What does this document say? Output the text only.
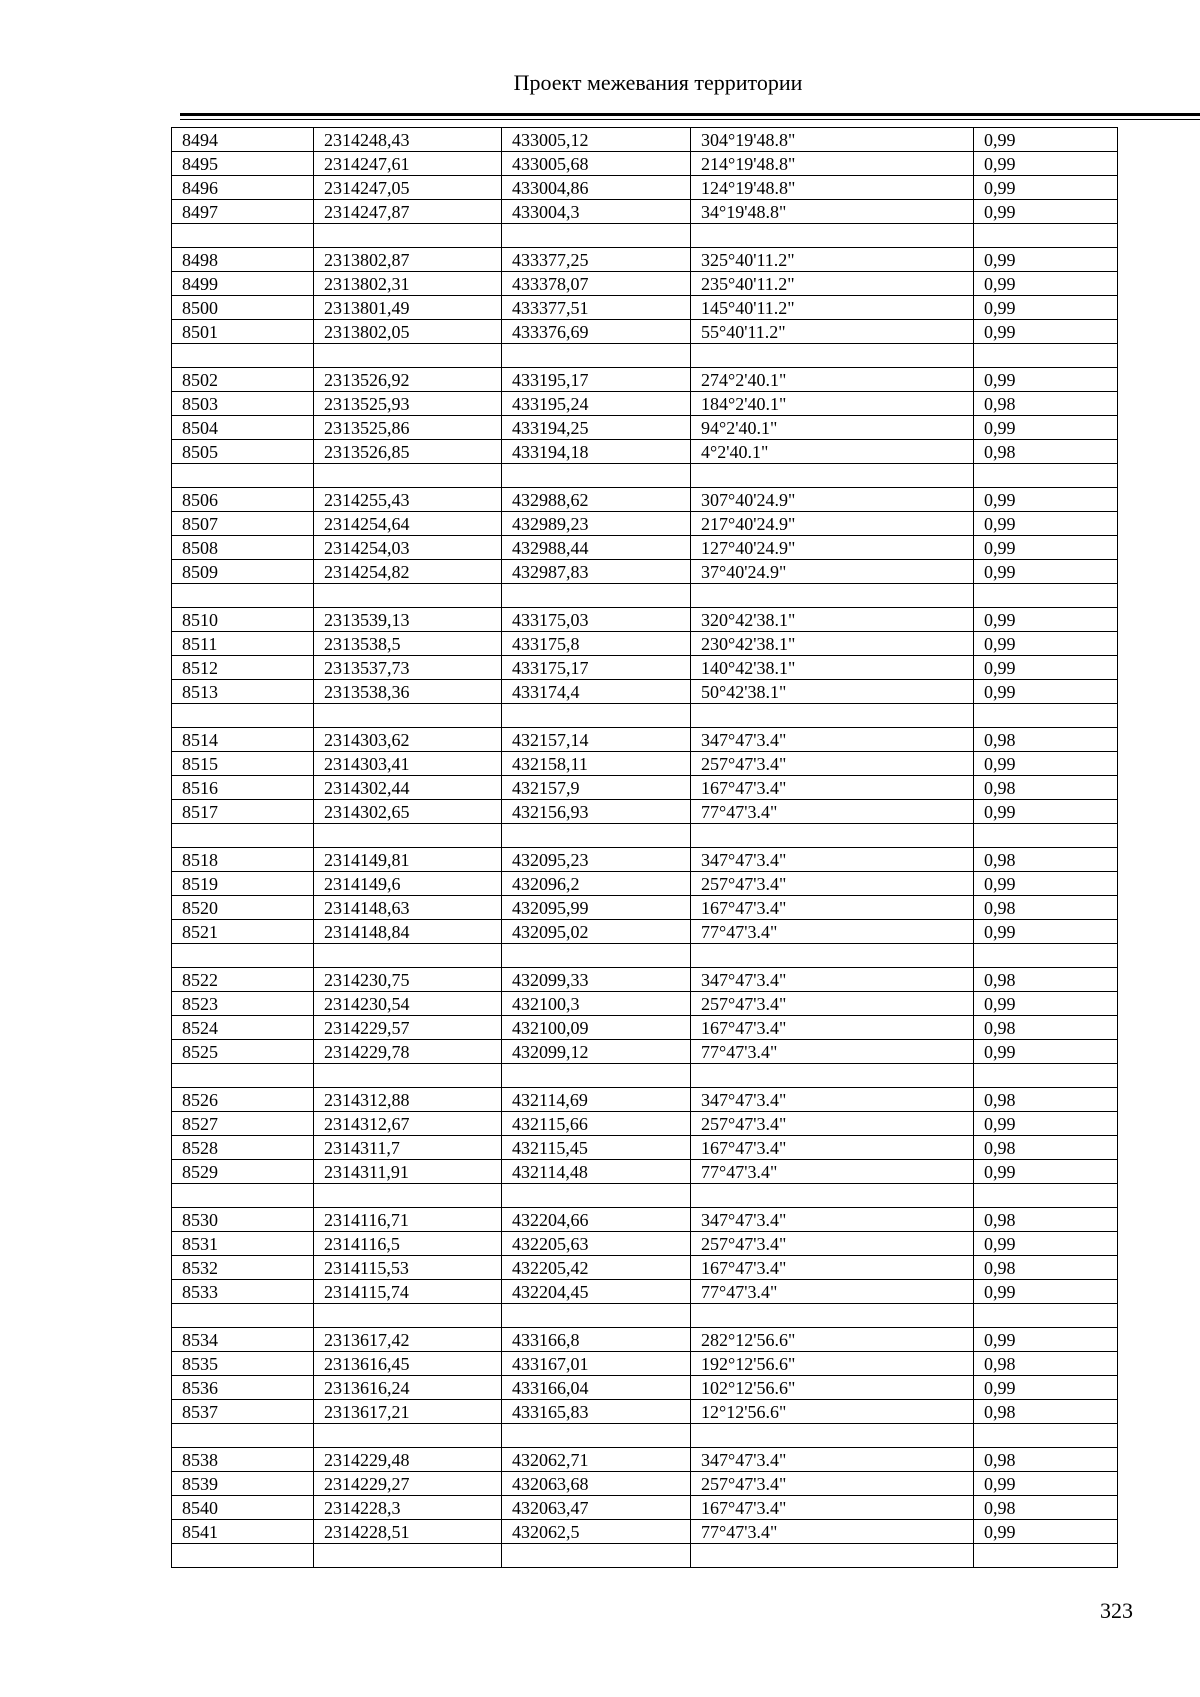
Проект межевания территории
8494	2314248,43	433005,12	304°19'48.8"	0,99
8495	2314247,61	433005,68	214°19'48.8"	0,99
8496	2314247,05	433004,86	124°19'48.8"	0,99
8497	2314247,87	433004,3	34°19'48.8"	0,99

8498	2313802,87	433377,25	325°40'11.2"	0,99
8499	2313802,31	433378,07	235°40'11.2"	0,99
8500	2313801,49	433377,51	145°40'11.2"	0,99
8501	2313802,05	433376,69	55°40'11.2"	0,99

8502	2313526,92	433195,17	274°2'40.1"	0,99
8503	2313525,93	433195,24	184°2'40.1"	0,98
8504	2313525,86	433194,25	94°2'40.1"	0,99
8505	2313526,85	433194,18	4°2'40.1"	0,98

8506	2314255,43	432988,62	307°40'24.9"	0,99
8507	2314254,64	432989,23	217°40'24.9"	0,99
8508	2314254,03	432988,44	127°40'24.9"	0,99
8509	2314254,82	432987,83	37°40'24.9"	0,99

8510	2313539,13	433175,03	320°42'38.1"	0,99
8511	2313538,5	433175,8	230°42'38.1"	0,99
8512	2313537,73	433175,17	140°42'38.1"	0,99
8513	2313538,36	433174,4	50°42'38.1"	0,99

8514	2314303,62	432157,14	347°47'3.4"	0,98
8515	2314303,41	432158,11	257°47'3.4"	0,99
8516	2314302,44	432157,9	167°47'3.4"	0,98
8517	2314302,65	432156,93	77°47'3.4"	0,99

8518	2314149,81	432095,23	347°47'3.4"	0,98
8519	2314149,6	432096,2	257°47'3.4"	0,99
8520	2314148,63	432095,99	167°47'3.4"	0,98
8521	2314148,84	432095,02	77°47'3.4"	0,99

8522	2314230,75	432099,33	347°47'3.4"	0,98
8523	2314230,54	432100,3	257°47'3.4"	0,99
8524	2314229,57	432100,09	167°47'3.4"	0,98
8525	2314229,78	432099,12	77°47'3.4"	0,99

8526	2314312,88	432114,69	347°47'3.4"	0,98
8527	2314312,67	432115,66	257°47'3.4"	0,99
8528	2314311,7	432115,45	167°47'3.4"	0,98
8529	2314311,91	432114,48	77°47'3.4"	0,99

8530	2314116,71	432204,66	347°47'3.4"	0,98
8531	2314116,5	432205,63	257°47'3.4"	0,99
8532	2314115,53	432205,42	167°47'3.4"	0,98
8533	2314115,74	432204,45	77°47'3.4"	0,99

8534	2313617,42	433166,8	282°12'56.6"	0,99
8535	2313616,45	433167,01	192°12'56.6"	0,98
8536	2313616,24	433166,04	102°12'56.6"	0,99
8537	2313617,21	433165,83	12°12'56.6"	0,98

8538	2314229,48	432062,71	347°47'3.4"	0,98
8539	2314229,27	432063,68	257°47'3.4"	0,99
8540	2314228,3	432063,47	167°47'3.4"	0,98
8541	2314228,51	432062,5	77°47'3.4"	0,99

323
